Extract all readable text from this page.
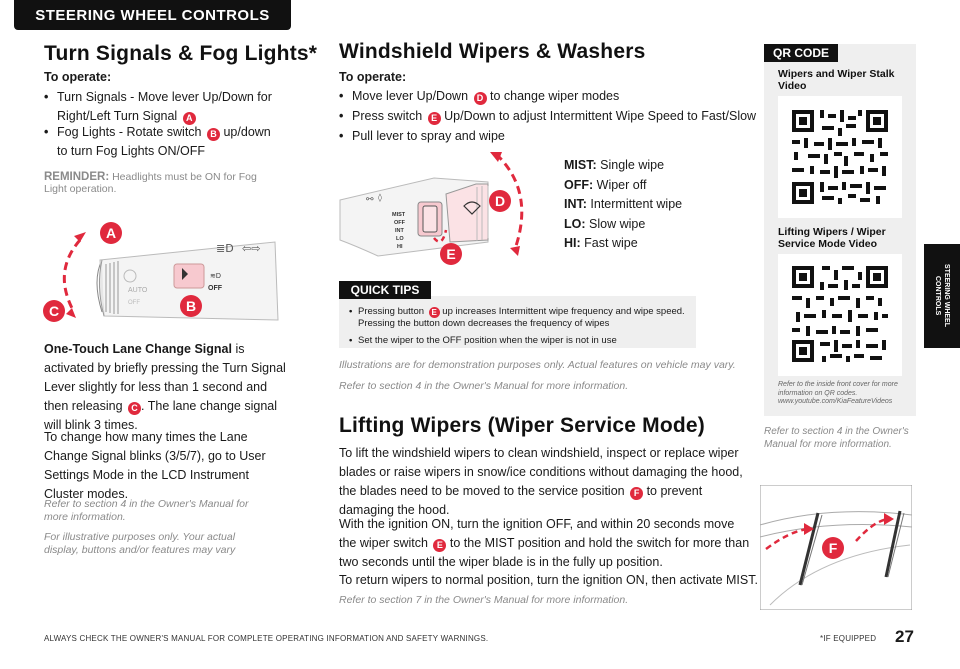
STEERING WHEEL CONTROLS
Turn Signals & Fog Lights*
To operate:
• Turn Signals - Move lever Up/Down for Right/Left Turn Signal A
• Fog Lights - Rotate switch B up/down to turn Fog Lights ON/OFF
REMINDER: Headlights must be ON for Fog Light operation.
≋D
OFF
AUTO
OFF
≣D ⇦⇨
A
B
C
One-Touch Lane Change Signal is activated by briefly pressing the Turn Signal Lever slightly for less than 1 second and then releasing C . The lane change signal will blink 3 times.
To change how many times the Lane Change Signal blinks (3/5/7), go to User Settings Mode in the LCD Instrument Cluster modes.
Refer to section 4 in the Owner's Manual for more information.
For illustrative purposes only. Your actual display, buttons and/or features may vary
Windshield Wipers & Washers
To operate:
• Move lever Up/Down D to change wiper modes
• Press switch E Up/Down to adjust Intermittent Wipe Speed to Fast/Slow
• Pull lever to spray and wipe
⚯ ◊
MIST
OFF
INT
LO
HI
D
E
MIST: Single wipe
OFF: Wiper off
INT: Intermittent wipe
LO: Slow wipe
HI: Fast wipe
QUICK TIPS
• Pressing button E up increases Intermittent wipe frequency and wipe speed. Pressing the button down decreases the frequency of wipes
• Set the wiper to the OFF position when the wiper is not in use
Illustrations are for demonstration purposes only. Actual features on vehicle may vary.
Refer to section 4 in the Owner's Manual for more information.
Lifting Wipers (Wiper Service Mode)
To lift the windshield wipers to clean windshield, inspect or replace wiper blades or raise wipers in snow/ice conditions without damaging the hood, the blades need to be moved to the service position F to prevent damaging the hood.
With the ignition ON, turn the ignition OFF, and within 20 seconds move the wiper switch E to the MIST position and hold the switch for more than two seconds until the wiper blade is in the fully up position.
To return wipers to normal position, turn the ignition ON, then activate MIST.
Refer to section 7 in the Owner's Manual for more information.
QR CODE
Wipers and Wiper Stalk Video
Lifting Wipers / Wiper Service Mode Video
Refer to the inside front cover for more information on QR codes. www.youtube.com/KiaFeatureVideos
Refer to section 4 in the Owner's Manual for more information.
STEERING WHEEL CONTROLS
F
ALWAYS CHECK THE OWNER'S MANUAL FOR COMPLETE OPERATING INFORMATION AND SAFETY WARNINGS.	*IF EQUIPPED 27
